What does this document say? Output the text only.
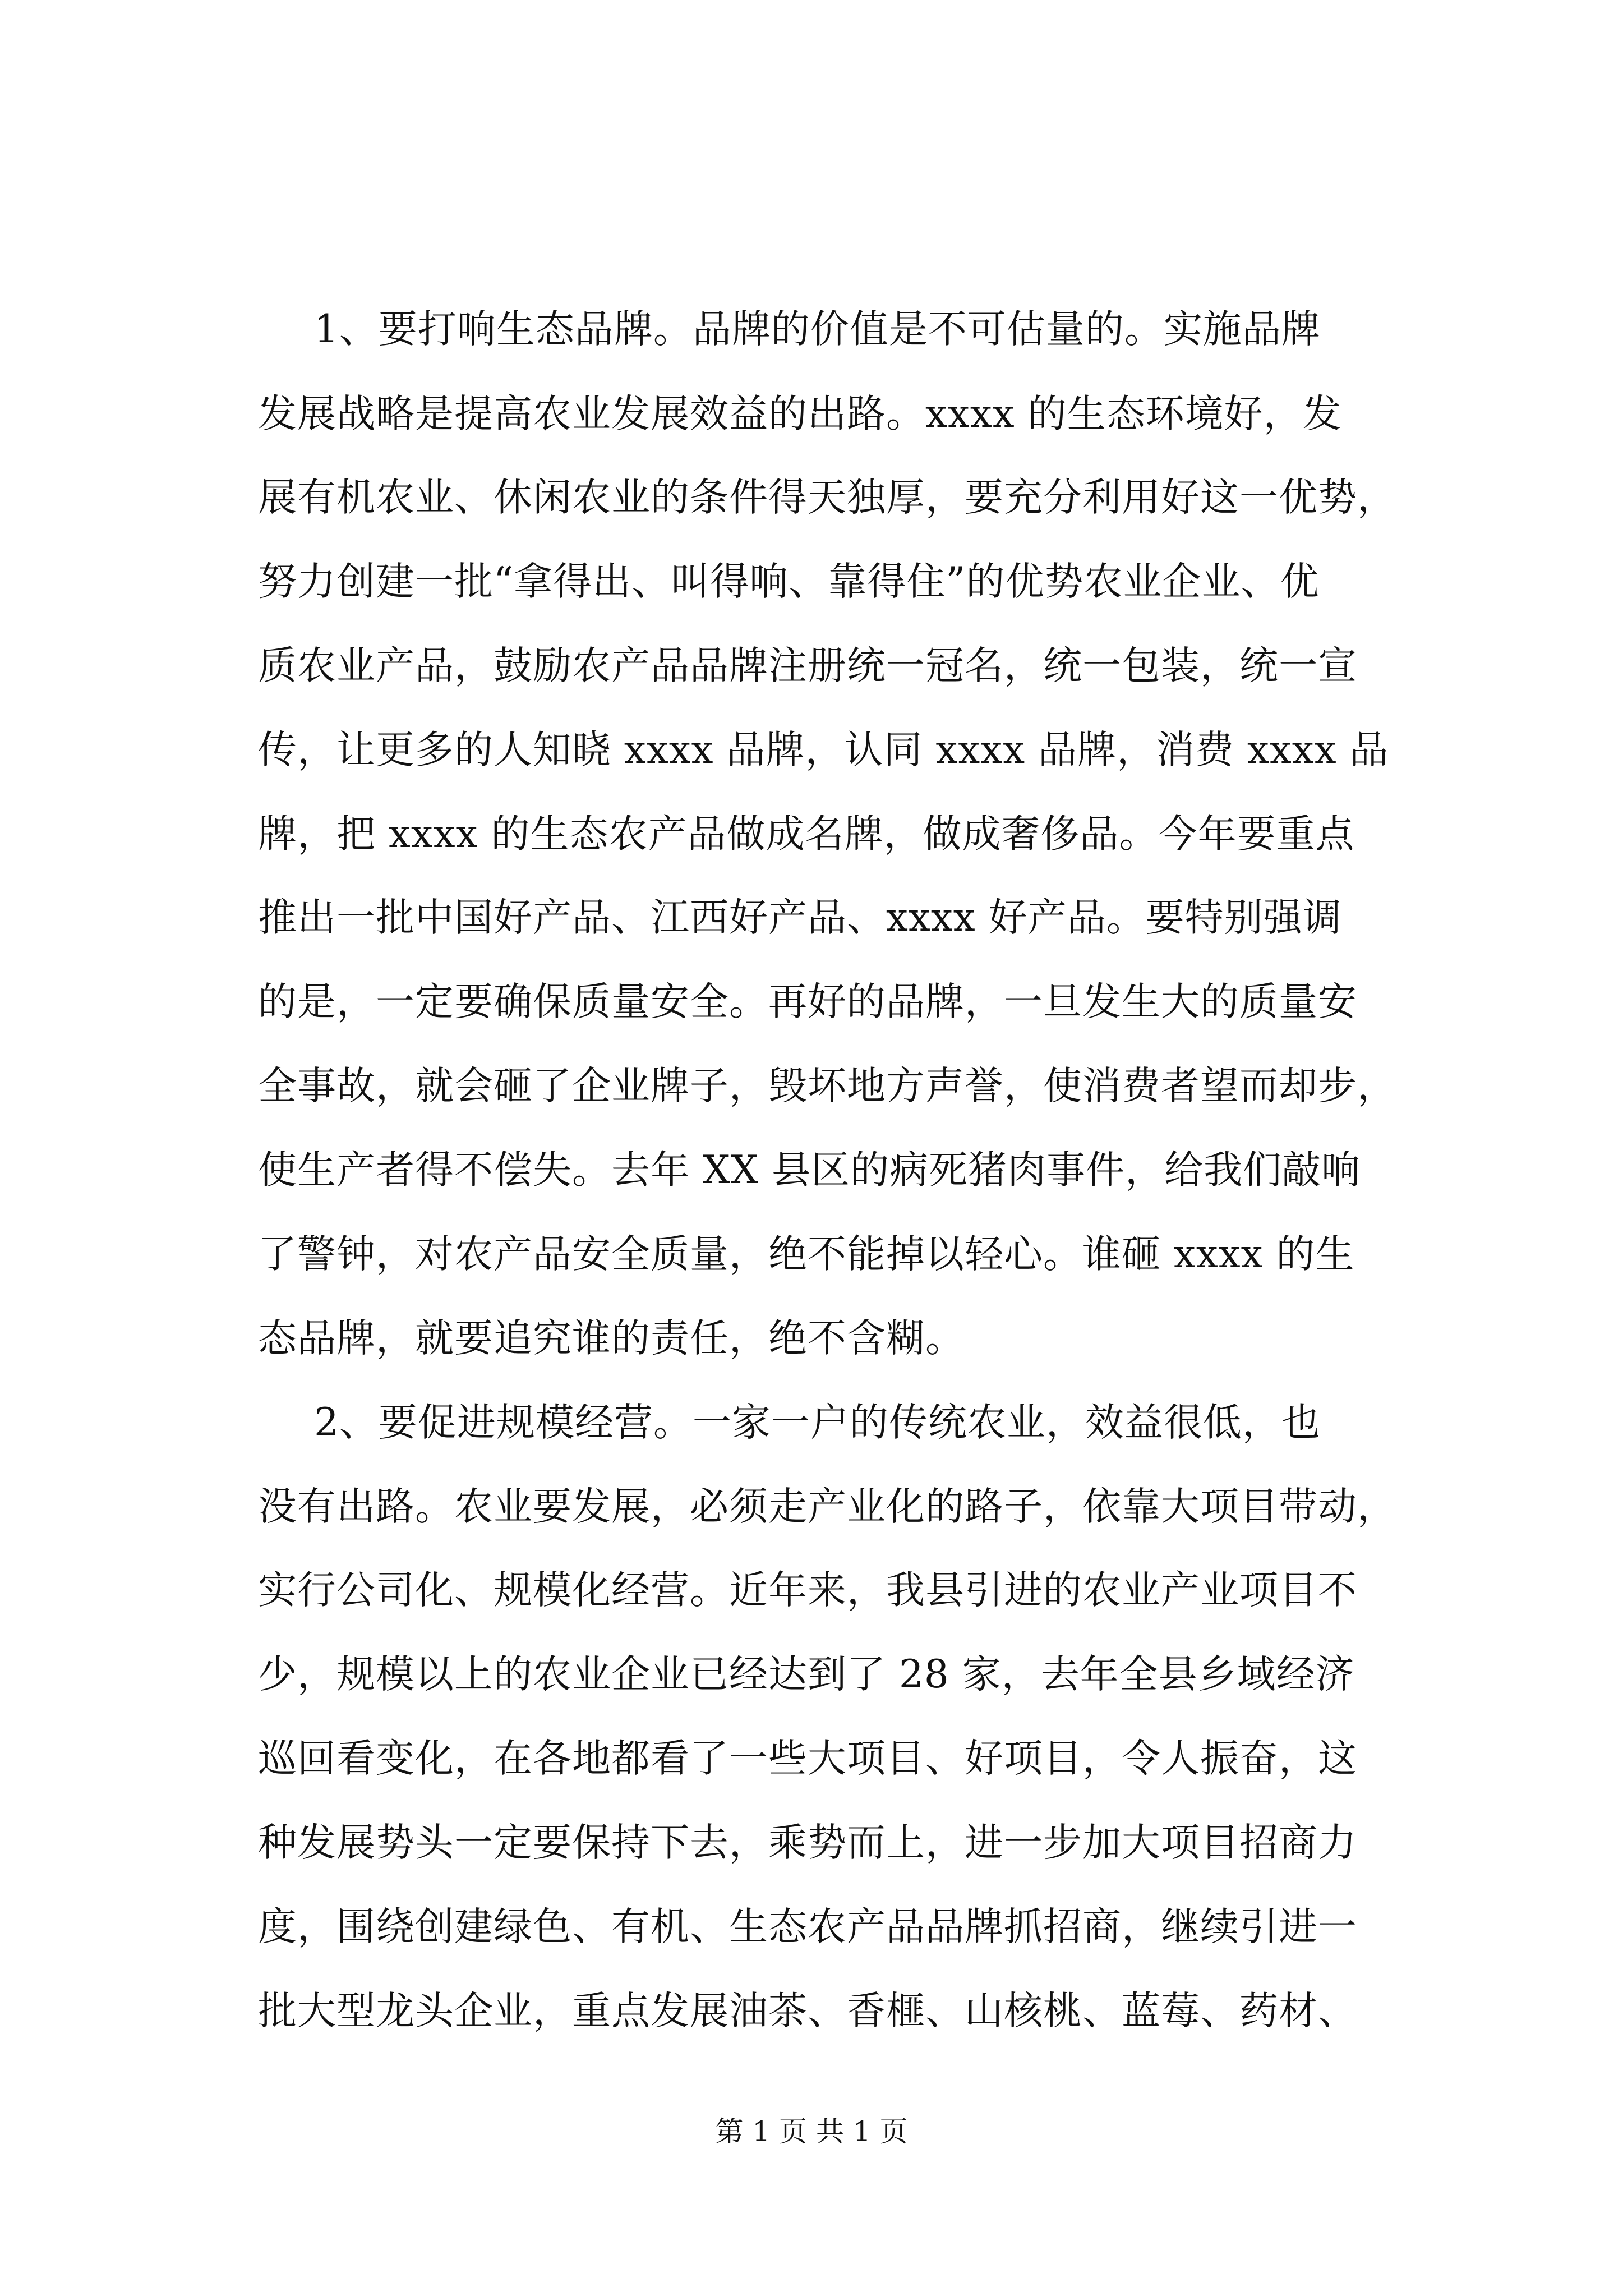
1、要打响生态品牌。品牌的价值是不可估量的。实施品牌
发展战略是提高农业发展效益的出路。xxxx 的生态环境好，发
展有机农业、休闲农业的条件得天独厚，要充分利用好这一优势，
努力创建一批“拿得出、叫得响、靠得住”的优势农业企业、优
质农业产品，鼓励农产品品牌注册统一冠名，统一包装，统一宣
传，让更多的人知晓 xxxx 品牌，认同 xxxx 品牌，消费 xxxx 品
牌，把 xxxx 的生态农产品做成名牌，做成奢侈品。今年要重点
推出一批中国好产品、江西好产品、xxxx 好产品。要特别强调
的是，一定要确保质量安全。再好的品牌，一旦发生大的质量安
全事故，就会砸了企业牌子，毁坏地方声誉，使消费者望而却步，
使生产者得不偿失。去年 XX 县区的病死猪肉事件，给我们敲响
了警钟，对农产品安全质量，绝不能掉以轻心。谁砸 xxxx 的生
态品牌，就要追究谁的责任，绝不含糊。
2、要促进规模经营。一家一户的传统农业，效益很低，也
没有出路。农业要发展，必须走产业化的路子，依靠大项目带动，
实行公司化、规模化经营。近年来，我县引进的农业产业项目不
少，规模以上的农业企业已经达到了 28 家，去年全县乡域经济
巡回看变化，在各地都看了一些大项目、好项目，令人振奋，这
种发展势头一定要保持下去，乘势而上，进一步加大项目招商力
度，围绕创建绿色、有机、生态农产品品牌抓招商，继续引进一
批大型龙头企业，重点发展油茶、香榧、山核桃、蓝莓、药材、
第 1 页 共 1 页
